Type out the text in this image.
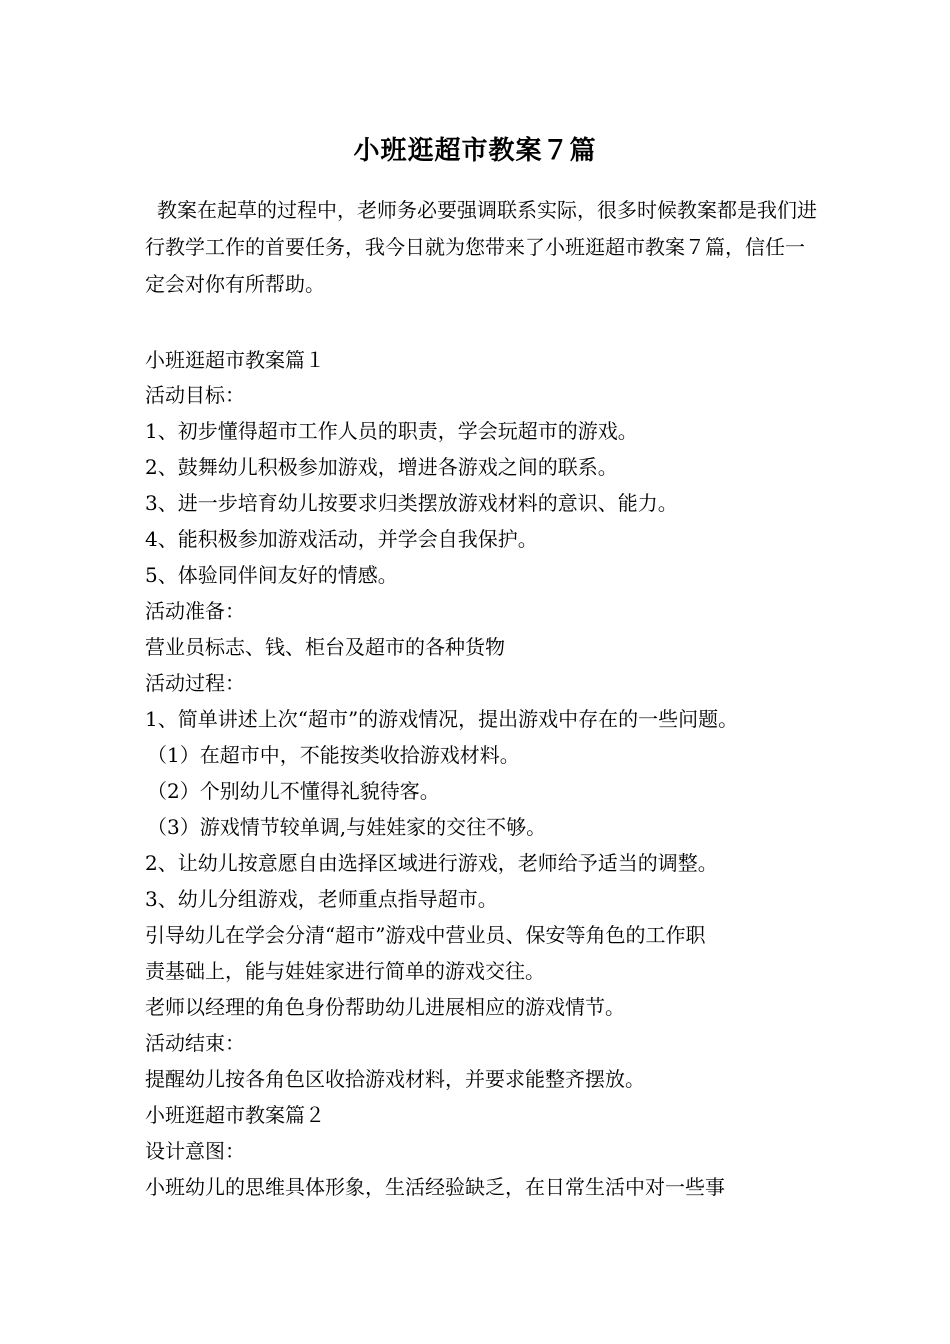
小班逛超市教案７篇
教案在起草的过程中，老师务必要强调联系实际，很多时候教案都是我们进行教学工作的首要任务，我今日就为您带来了小班逛超市教案７篇，信任一定会对你有所帮助。
小班逛超市教案篇１
活动目标：
1、初步懂得超市工作人员的职责，学会玩超市的游戏。
2、鼓舞幼儿积极参加游戏，增进各游戏之间的联系。
3、进一步培育幼儿按要求归类摆放游戏材料的意识、能力。
4、能积极参加游戏活动，并学会自我保护。
5、体验同伴间友好的情感。
活动准备：
营业员标志、钱、柜台及超市的各种货物
活动过程：
1、简单讲述上次“超市”的游戏情况，提出游戏中存在的一些问题。
（1）在超市中，不能按类收拾游戏材料。
（2）个别幼儿不懂得礼貌待客。
（3）游戏情节较单调,与娃娃家的交往不够。
2、让幼儿按意愿自由选择区域进行游戏，老师给予适当的调整。
3、幼儿分组游戏，老师重点指导超市。
引导幼儿在学会分清“超市”游戏中营业员、保安等角色的工作职
责基础上，能与娃娃家进行简单的游戏交往。
老师以经理的角色身份帮助幼儿进展相应的游戏情节。
活动结束：
提醒幼儿按各角色区收拾游戏材料，并要求能整齐摆放。
小班逛超市教案篇２
设计意图：
小班幼儿的思维具体形象，生活经验缺乏，在日常生活中对一些事
